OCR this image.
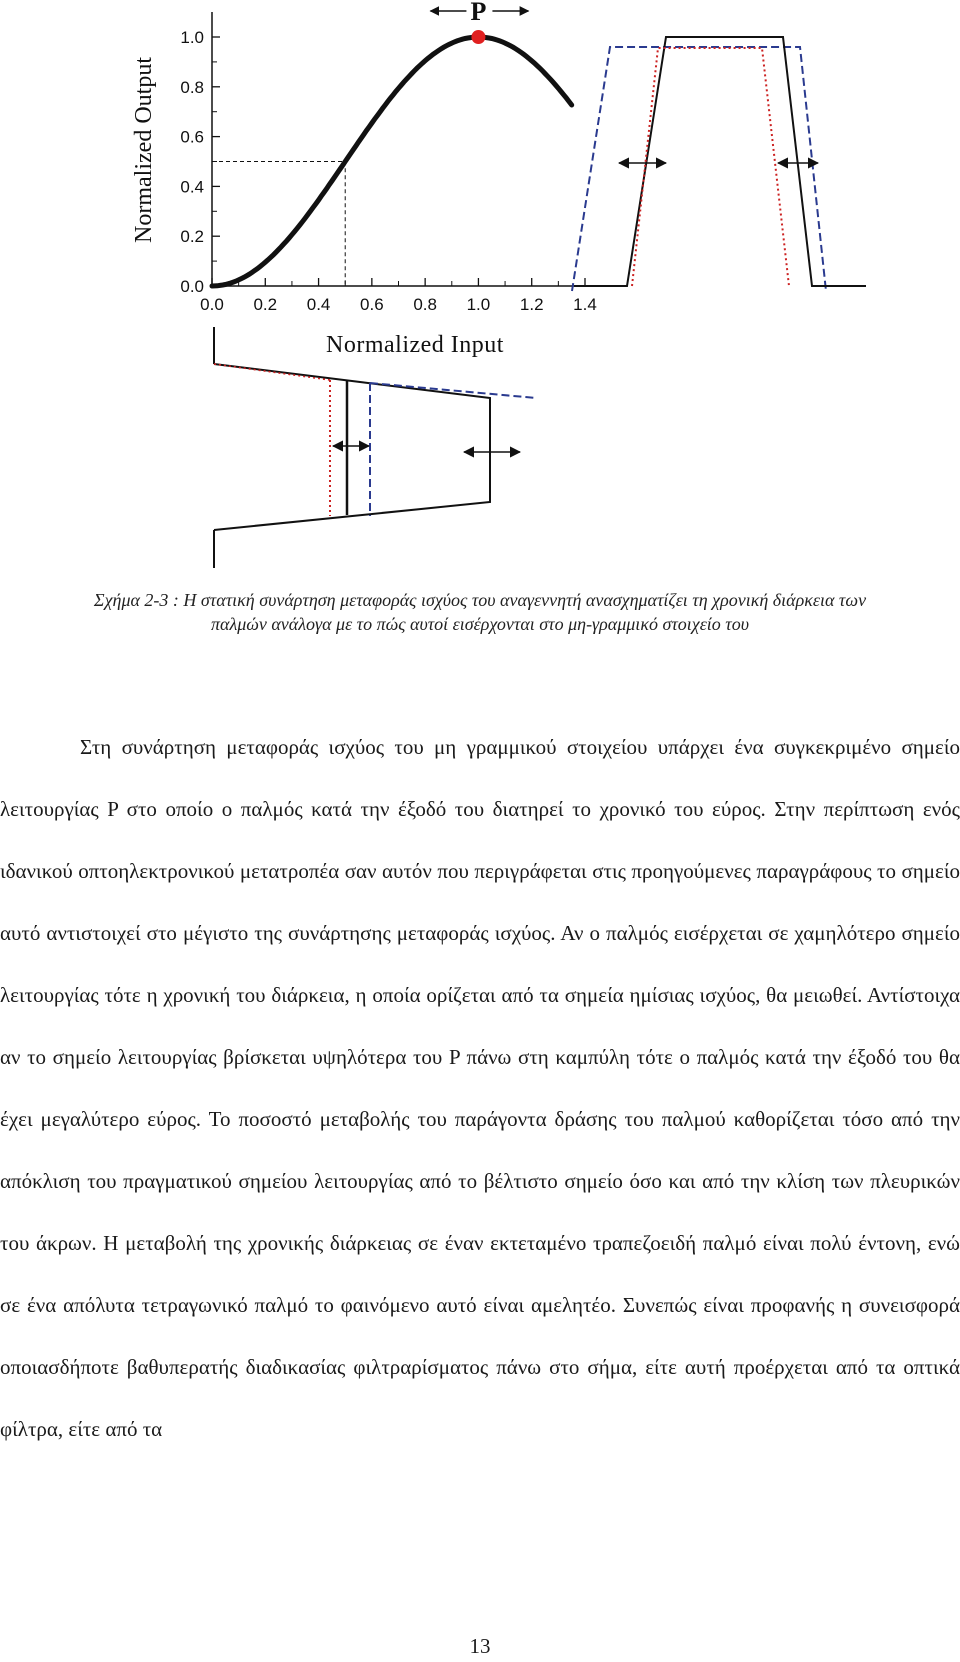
0.0
0.2
0.4
0.6
0.8
1.0
0.0 0.2 0.4 0.6 0.8 1.0 1.2 1.4
Normalized Output
Normalized Input
P
Σχήμα 2-3 : Η στατική συνάρτηση μεταφοράς ισχύος του αναγεννητή ανασχηματίζει τη χρονική διάρκεια των παλμών ανάλογα με το πώς αυτοί εισέρχονται στο μη-γραμμικό στοιχείο του
Στη συνάρτηση μεταφοράς ισχύος του μη γραμμικού στοιχείου υπάρχει ένα συγκεκριμένο σημείο λειτουργίας P στο οποίο ο παλμός κατά την έξοδό του διατηρεί το χρονικό του εύρος. Στην περίπτωση ενός ιδανικού οπτοηλεκτρονικού μετατροπέα σαν αυτόν που περιγράφεται στις προηγούμενες παραγράφους το σημείο αυτό αντιστοιχεί στο μέγιστο της συνάρτησης μεταφοράς ισχύος. Αν ο παλμός εισέρχεται σε χαμηλότερο σημείο λειτουργίας τότε η χρονική του διάρκεια, η οποία ορίζεται από τα σημεία ημίσιας ισχύος, θα μειωθεί. Αντίστοιχα αν το σημείο λειτουργίας βρίσκεται υψηλότερα του P πάνω στη καμπύλη τότε ο παλμός κατά την έξοδό του θα έχει μεγαλύτερο εύρος. Το ποσοστό μεταβολής του παράγοντα δράσης του παλμού καθορίζεται τόσο από την απόκλιση του πραγματικού σημείου λειτουργίας από το βέλτιστο σημείο όσο και από την κλίση των πλευρικών του άκρων. Η μεταβολή της χρονικής διάρκειας σε έναν εκτεταμένο τραπεζοειδή παλμό είναι πολύ έντονη, ενώ σε ένα απόλυτα τετραγωνικό παλμό το φαινόμενο αυτό είναι αμελητέο. Συνεπώς είναι προφανής η συνεισφορά οποιασδήποτε βαθυπερατής διαδικασίας φιλτραρίσματος πάνω στο σήμα, είτε αυτή προέρχεται από τα οπτικά φίλτρα, είτε από τα
13
